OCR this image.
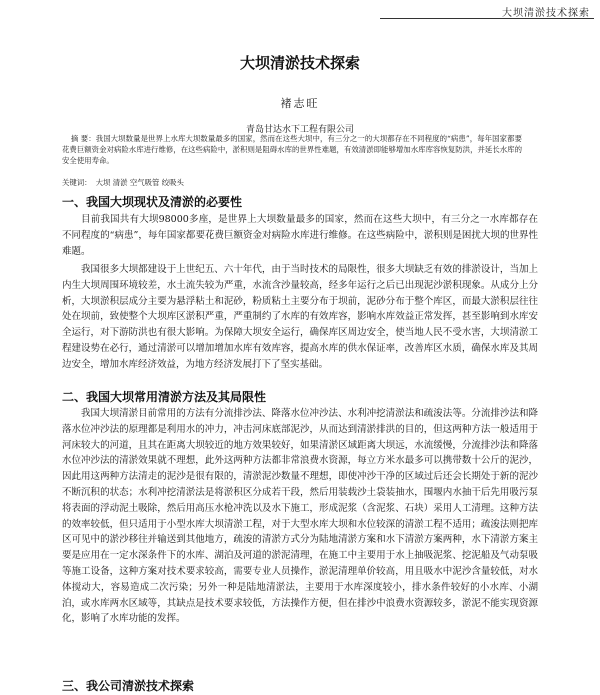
大坝清淤技术探索
大坝清淤技术探索
褚志旺
青岛甘达水下工程有限公司
摘 要：我国大坝数量是世界上水库大坝数量最多的国家，然而在这些大坝中，有三分之一的大坝都存在不同程度的“病患”，每年国家都要花费巨额资金对病险水库进行维修，在这些病险中，淤积则是阻碍水库的世界性难题，有效清淤即能够增加水库库容恢复防洪，并延长水库的安全使用寿命。
关键词： 大坝 清淤 空气吸管 绞吸头
一、我国大坝现状及清淤的必要性
目前我国共有大坝98000多座，是世界上大坝数量最多的国家，然而在这些大坝中，有三分之一水库都存在不同程度的“病患”，每年国家都要花费巨额资金对病险水库进行维修。在这些病险中，淤积则是困扰大坝的世界性难题。
我国很多大坝都建设于上世纪五、六十年代，由于当时技术的局限性，很多大坝缺乏有效的排淤设计，当加上内生大坝周围环境较差，水土流失较为严重，水流含沙量较高，经多年运行之后已出现泥沙淤积现象。从成分上分析，大坝淤积层成分主要为悬浮粘土和泥砂，粉质粘土主要分布于坝前，泥砂分布于整个库区，而最大淤积层往往处在坝前，致使整个大坝库区淤积严重，严重制约了水库的有效库容，影响水库效益正常发挥，甚至影响到水库安全运行，对下游防洪也有很大影响。为保障大坝安全运行，确保库区周边安全，使当地人民不受水害，大坝清淤工程建设势在必行，通过清淤可以增加增加水库有效库容，提高水库的供水保证率，改善库区水质，确保水库及其周边安全，增加水库经济效益，为地方经济发展打下了坚实基础。
二、我国大坝常用清淤方法及其局限性
我国大坝清淤目前常用的方法有分流排沙法、降落水位冲沙法、水利冲挖清淤法和疏浚法等。分流排沙法和降落水位冲沙法的原理都是利用水的冲力，冲击河床底部泥沙，从而达到清淤排洪的目的，但这两种方法一般适用于河床较大的河道，且其在距离大坝较近的地方效果较好，如果清淤区域距离大坝远，水流缓慢，分流排沙法和降落水位冲沙法的清淤效果就不理想，此外这两种方法都非常浪费水资源，每立方米水最多可以携带数十公斤的泥沙，因此用这两种方法清走的泥沙是很有限的，清淤泥沙数量不理想，即使冲沙干净的区域过后还会长期处于新的泥沙不断沉积的状态；水利冲挖清淤法是将淤积区分成若干段，然后用装载沙土袋装抽水，围堰内水抽干后先用吸污泵将表面的浮动泥土吸除，然后用高压水枪冲洗以及水下施工，形成泥浆（含泥浆、石块）采用人工清理。这种方法的效率较低，但只适用于小型水库大坝清淤工程，对于大型水库大坝和水位较深的清淤工程不适用；疏浚法则把库区可见中的淤沙移往并输送到其他地方，疏浚的清淤方式分为陆地清淤方案和水下清淤方案两种，水下清淤方案主要是应用在一定水深条件下的水库、湖泊及河道的淤泥清理，在施工中主要用于水上抽吸泥浆、挖泥船及气动泵吸等施工设备，这种方案对技术要求较高，需要专业人员操作，淤泥清理单价较高，用且吸水中泥沙含量较低，对水体搅动大，容易造成二次污染；另外一种是陆地清淤法，主要用于水库深度较小，排水条件较好的小水库、小湖泊，或水库两水区域等，其缺点是技术要求较低，方法操作方便，但在排沙中浪费水资源较多，淤泥不能实现资源化，影响了水库功能的发挥。
三、我公司清淤技术探索
